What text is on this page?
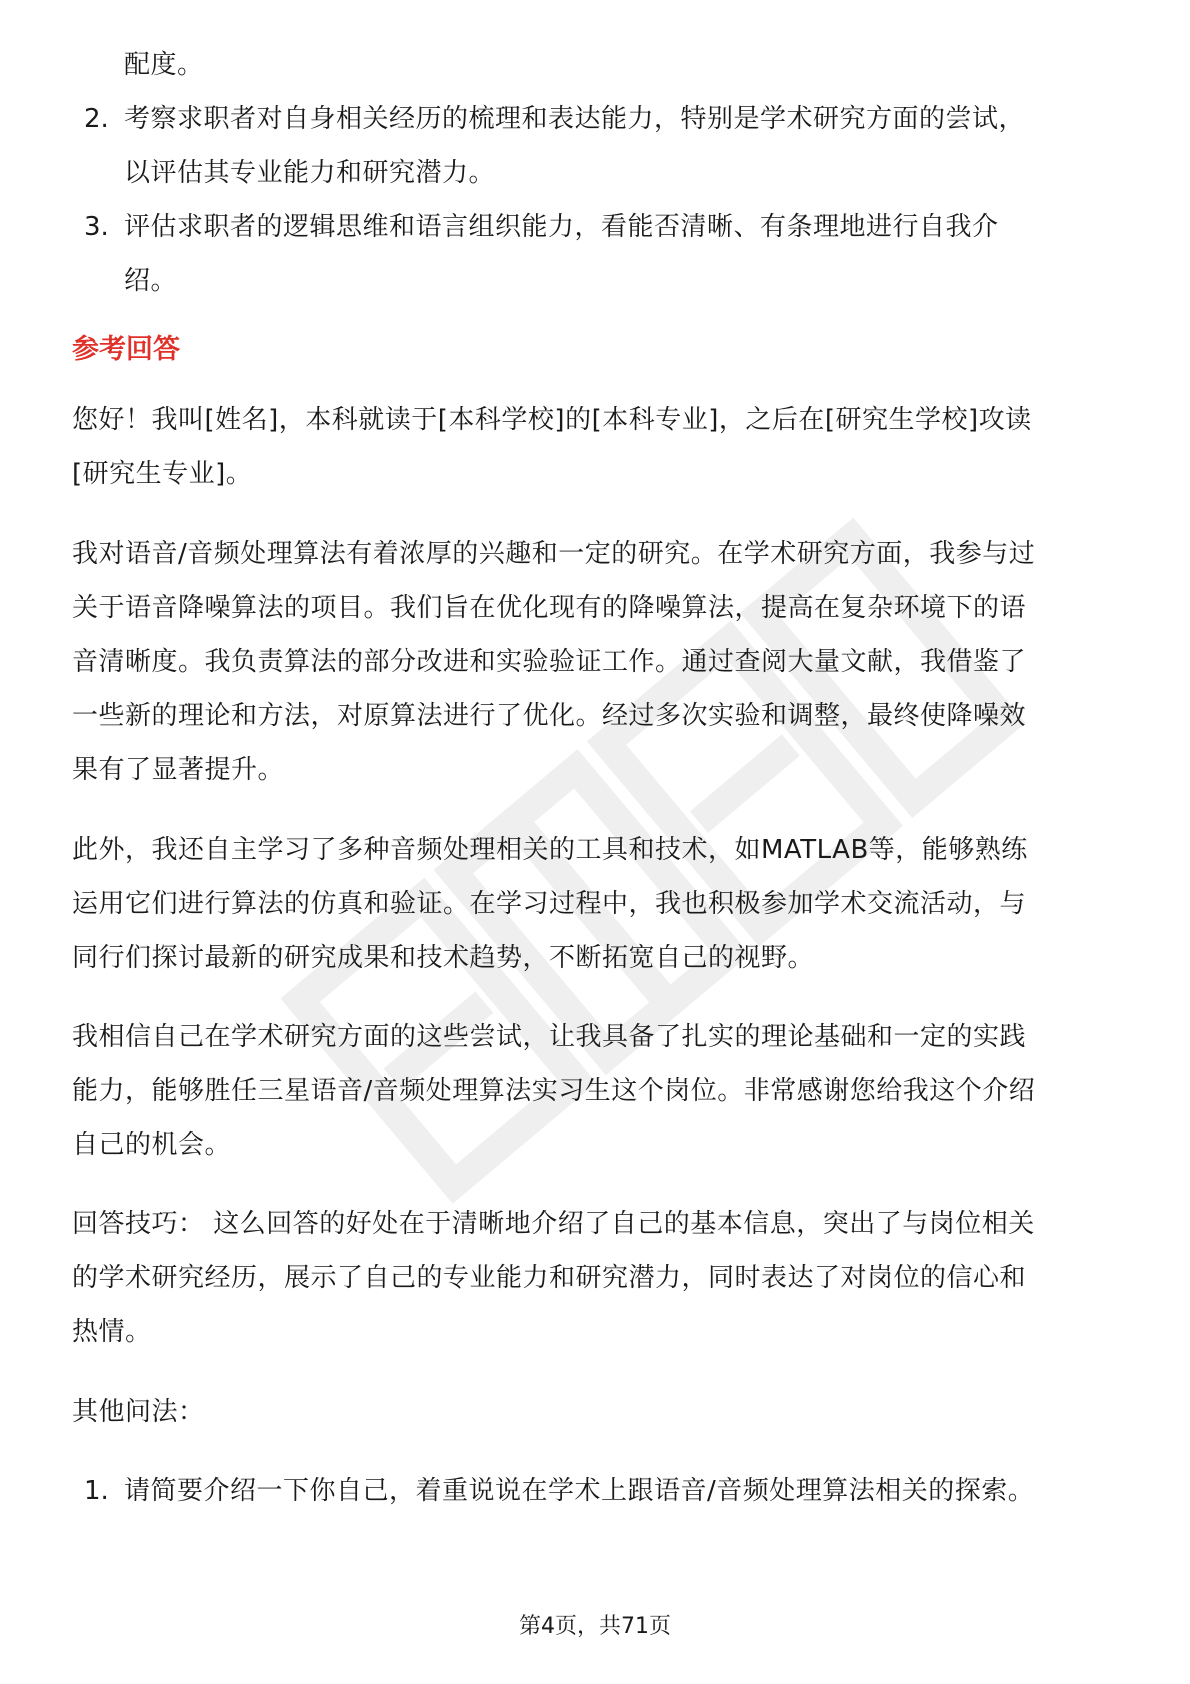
配度。
2. 考察求职者对自身相关经历的梳理和表达能力，特别是学术研究方面的尝试，
以评估其专业能力和研究潜力。
3. 评估求职者的逻辑思维和语言组织能力，看能否清晰、有条理地进行自我介
绍。
参考回答
您好！我叫[姓名]，本科就读于[本科学校]的[本科专业]，之后在[研究生学校]攻读
[研究生专业]。
我对语音/音频处理算法有着浓厚的兴趣和一定的研究。在学术研究方面，我参与过
关于语音降噪算法的项目。我们旨在优化现有的降噪算法，提高在复杂环境下的语
音清晰度。我负责算法的部分改进和实验验证工作。通过查阅大量文献，我借鉴了
一些新的理论和方法，对原算法进行了优化。经过多次实验和调整，最终使降噪效
果有了显著提升。
此外，我还自主学习了多种音频处理相关的工具和技术，如MATLAB等，能够熟练
运用它们进行算法的仿真和验证。在学习过程中，我也积极参加学术交流活动，与
同行们探讨最新的研究成果和技术趋势，不断拓宽自己的视野。
我相信自己在学术研究方面的这些尝试，让我具备了扎实的理论基础和一定的实践
能力，能够胜任三星语音/音频处理算法实习生这个岗位。非常感谢您给我这个介绍
自己的机会。
回答技巧： 这么回答的好处在于清晰地介绍了自己的基本信息，突出了与岗位相关
的学术研究经历，展示了自己的专业能力和研究潜力，同时表达了对岗位的信心和
热情。
其他问法：
1. 请简要介绍一下你自己，着重说说在学术上跟语音/音频处理算法相关的探索。
第4页，共71页
